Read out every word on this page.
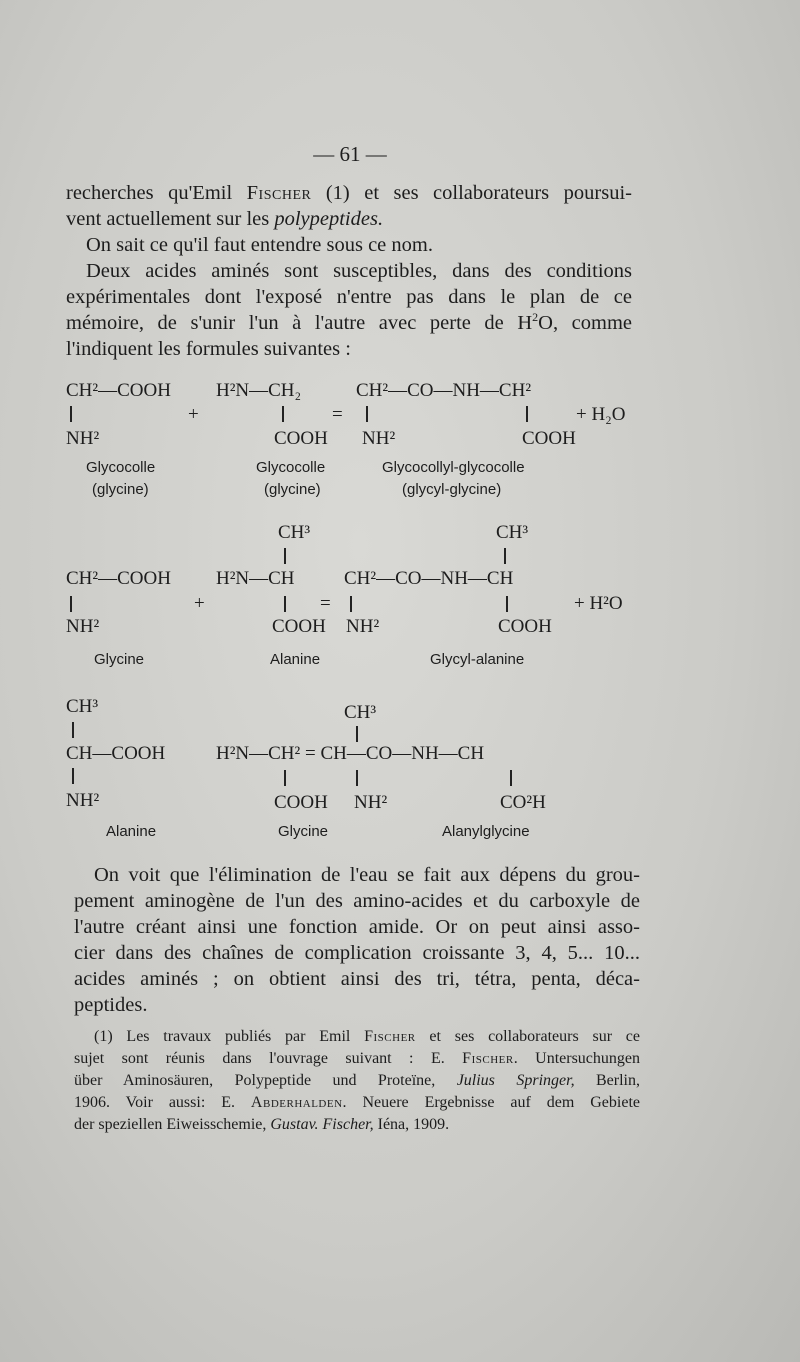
— 61 —
recherches qu'Emil Fischer (1) et ses collaborateurs poursui-
vent actuellement sur les polypeptides.
On sait ce qu'il faut entendre sous ce nom.
Deux acides aminés sont susceptibles, dans des conditions
expérimentales dont l'exposé n'entre pas dans le plan de ce
mémoire, de s'unir l'un à l'autre avec perte de $H^2O$, comme
l'indiquent les formules suivantes :
CH²—COOH H²N—CH₂	CH²—CO—NH—CH²
+	=	+ H₂O
NH²	COOH NH²	COOH
Glycocolle
(glycine)
Glycocolle
(glycine)
Glycocollyl-glycocolle
(glycyl-glycine)
CH³	CH³
CH²—COOH H²N—CH	CH²—CO—NH—CH
+	=	+ H²O
NH²	COOH NH²	COOH
Glycine	Alanine	Glycyl-alanine
CH³	CH³
CH—COOH	H²N—CH² = CH—CO—NH—CH
NH²	COOH NH²	CO²H
Alanine	Glycine	Alanylglycine
On voit que l'élimination de l'eau se fait aux dépens du grou-
pement aminogène de l'un des amino-acides et du carboxyle de
l'autre créant ainsi une fonction amide. Or on peut ainsi asso-
cier dans des chaînes de complication croissante 3, 4, 5... 10...
acides aminés ; on obtient ainsi des tri, tétra, penta, déca-
peptides.
(1) Les travaux publiés par Emil Fischer et ses collaborateurs sur ce
sujet sont réunis dans l'ouvrage suivant : E. Fischer. Untersuchungen
über Aminosäuren, Polypeptide und Proteïne, Julius Springer, Berlin,
1906. Voir aussi: E. Abderhalden. Neuere Ergebnisse auf dem Gebiete
der speziellen Eiweisschemie, Gustav. Fischer, Iéna, 1909.
